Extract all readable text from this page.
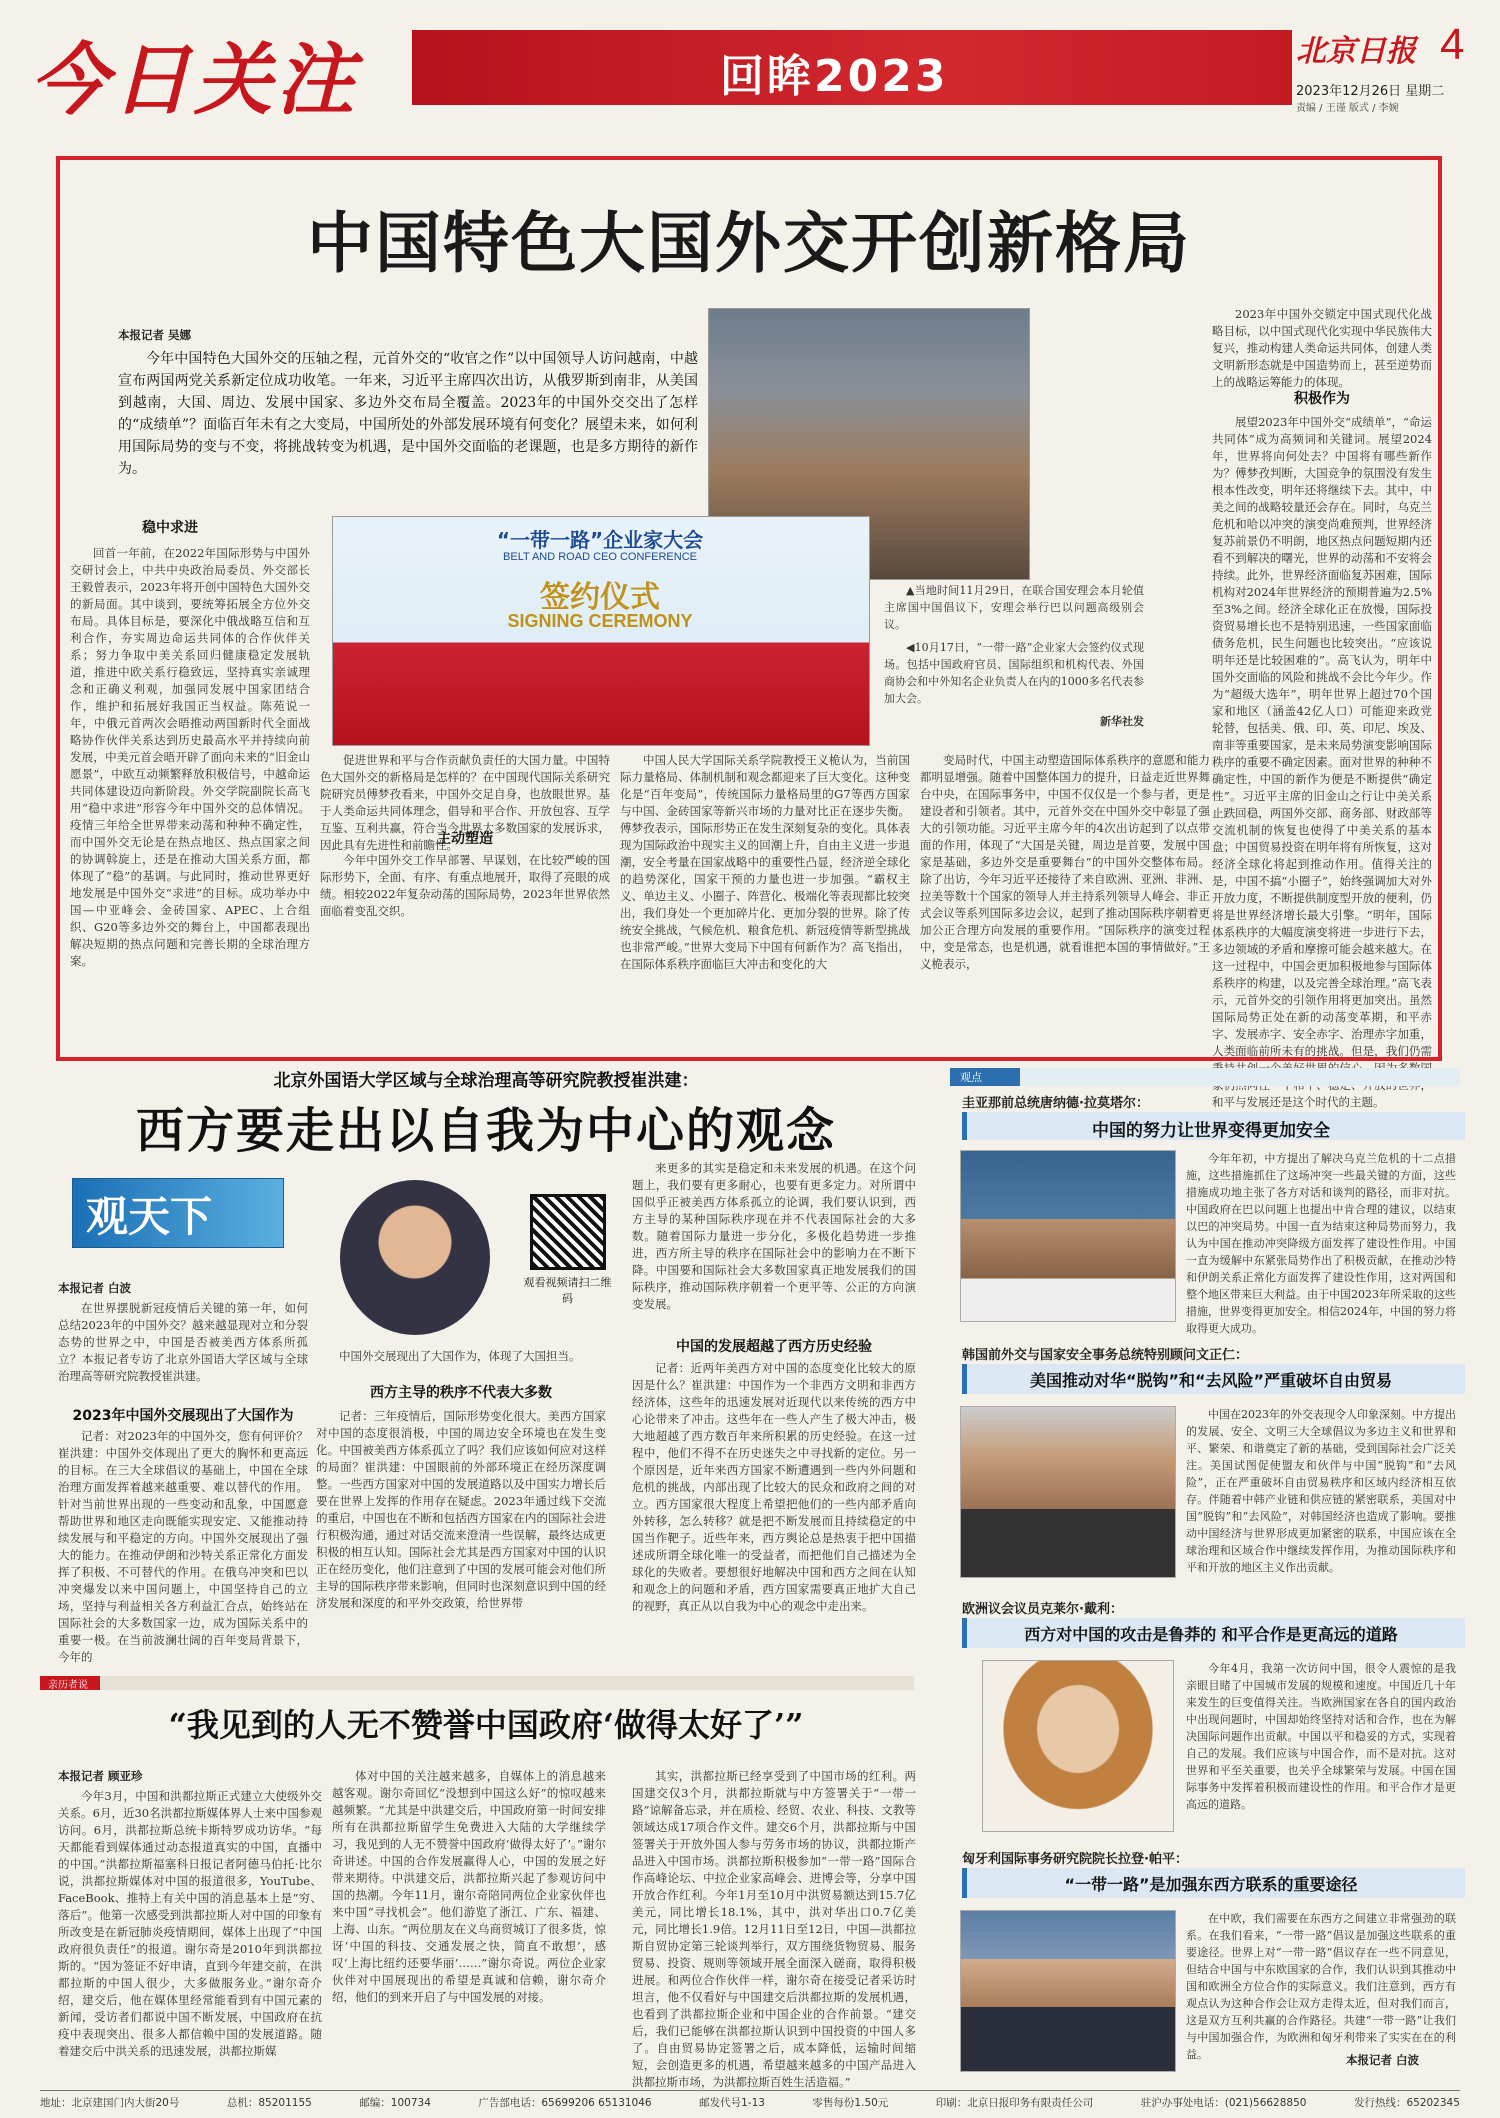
今日关注	回眸2023	北京日报 4
2023年12月26日 星期二
责编 / 王谨 版式 / 李婉
中国特色大国外交开创新格局
本报记者 吴娜

今年中国特色大国外交的压轴之程，元首外交的“收官之作”以中国领导人访问越南，中越宣布两国两党关系新定位成功收笔。一年来，习近平主席四次出访，从俄罗斯到南非，从美国到越南，大国、周边、发展中国家、多边外交布局全覆盖。2023年的中国外交交出了怎样的“成绩单”？面临百年未有之大变局，中国所处的外部发展环境有何变化？展望未来，如何利用国际局势的变与不变，将挑战转变为机遇，是中国外交面临的老课题，也是多方期待的新作为。

稳中求进

回首一年前，在2022年国际形势与中国外交研讨会上，中共中央政治局委员、外交部长王毅曾表示，2023年将开创中国特色大国外交的新局面。其中谈到，要统筹拓展全方位外交布局。具体目标是，要深化中俄战略互信和互利合作，夯实周边命运共同体的合作伙伴关系；努力争取中美关系回归健康稳定发展轨道，推进中欧关系行稳致远，坚持真实亲诚理念和正确义利观，加强同发展中国家团结合作，维护和拓展好我国正当权益。陈苑说一年，中俄元首两次会晤推动两国新时代全面战略协作伙伴关系达到历史最高水平并持续向前发展，中美元首会晤开辟了面向未来的“旧金山愿景”，中欧互动频繁释放积极信号，中越命运共同体建设迈向新阶段。外交学院副院长高飞用“稳中求进”形容今年中国外交的总体情况。疫情三年给全世界带来动荡和种种不确定性，而中国外交无论是在热点地区、热点国家之间的协调斡旋上，还是在推动大国关系方面，都体现了“稳”的基调。与此同时，推动世界更好地发展是中国外交“求进”的目标。成功举办中国—中亚峰会、金砖国家、APEC、上合组织、G20等多边外交的舞台上，中国都表现出解决短期的热点问题和完善长期的全球治理方案。

“一带一路”企业家大会
BELT AND ROAD CEO CONFERENCE
签约仪式
SIGNING CEREMONY

▲当地时间11月29日，在联合国安理会本月轮值主席国中国倡议下，安理会举行巴以问题高级别会议。

◀10月17日，“一带一路”企业家大会签约仪式现场。包括中国政府官员、国际组织和机构代表、外国商协会和中外知名企业负责人在内的1000多名代表参加大会。

新华社发

促进世界和平与合作贡献负责任的大国力量。中国特色大国外交的新格局是怎样的？在中国现代国际关系研究院研究员傅梦孜看来，中国外交足自身，也放眼世界。基于人类命运共同体理念，倡导和平合作、开放包容、互学互鉴、互利共赢，符合当今世界大多数国家的发展诉求，因此具有先进性和前瞻性。

主动塑造

今年中国外交工作早部署、早谋划，在比较严峻的国际形势下，全面、有序、有重点地展开，取得了亮眼的成绩。相较2022年复杂动荡的国际局势，2023年世界依然面临着变乱交织。

中国人民大学国际关系学院教授王义桅认为，当前国际力量格局、体制机制和观念都迎来了巨大变化。这种变化是“百年变局”，传统国际力量格局里的G7等西方国家与中国、金砖国家等新兴市场的力量对比正在逐步失衡。傅梦孜表示，国际形势正在发生深刻复杂的变化。具体表现为国际政治中现实主义的回潮上升，自由主义进一步退潮，安全考量在国家战略中的重要性凸显，经济逆全球化的趋势深化，国家干预的力量也进一步加强。“霸权主义、单边主义、小圈子、阵营化、极端化等表现都比较突出，我们身处一个更加碎片化、更加分裂的世界。除了传统安全挑战，气候危机、粮食危机、新冠疫情等新型挑战也非常严峻。”世界大变局下中国有何新作为？高飞指出，在国际体系秩序面临巨大冲击和变化的大

变局时代，中国主动塑造国际体系秩序的意愿和能力都明显增强。随着中国整体国力的提升，日益走近世界舞台中央，在国际事务中，中国不仅仅是一个参与者，更是建设者和引领者。其中，元首外交在中国外交中彰显了强大的引领功能。习近平主席今年的4次出访起到了以点带面的作用，体现了“大国是关键，周边是首要，发展中国家是基础，多边外交是重要舞台”的中国外交整体布局。除了出访，今年习近平还接待了来自欧洲、亚洲、非洲、拉美等数十个国家的领导人并主持系列领导人峰会、非正式会议等系列国际多边会议，起到了推动国际秩序朝着更加公正合理方向发展的重要作用。“国际秩序的演变过程中，变是常态，也是机遇，就看谁把本国的事情做好。”王义桅表示，

2023年中国外交锁定中国式现代化战略目标，以中国式现代化实现中华民族伟大复兴，推动构建人类命运共同体，创建人类文明新形态就是中国造势而上，甚至逆势而上的战略运筹能力的体现。

积极作为

展望2023年中国外交“成绩单”，“命运共同体”成为高频词和关键词。展望2024年，世界将向何处去？中国将有哪些新作为？傅梦孜判断，大国竞争的氛围没有发生根本性改变，明年还将继续下去。其中，中美之间的战略较量还会存在。同时，乌克兰危机和哈以冲突的演变尚难预判，世界经济复苏前景仍不明朗，地区热点问题短期内还看不到解决的曙光，世界的动荡和不安将会持续。此外，世界经济面临复苏困难，国际机构对2024年世界经济的预期普遍为2.5%至3%之间。经济全球化正在放慢，国际投资贸易增长也不是特别迅速，一些国家面临债务危机，民生问题也比较突出。“应该说明年还是比较困难的”。高飞认为，明年中国外交面临的风险和挑战不会比今年少。作为“超级大选年”，明年世界上超过70个国家和地区（涵盖42亿人口）可能迎来政党轮替，包括美、俄、印、英、印尼、埃及、南非等重要国家，是未来局势演变影响国际秩序的重要不确定因素。面对世界的种种不确定性，中国的新作为便是不断提供“确定性”。习近平主席的旧金山之行让中美关系止跌回稳，两国外交部、商务部、财政部等交流机制的恢复也使得了中美关系的基本盘；中国贸易投资在明年将有所恢复，这对经济全球化将起到推动作用。值得关注的是，中国不搞“小圈子”，始终强调加大对外开放力度，不断提供制度型开放的便利，仍将是世界经济增长最大引擎。“明年，国际体系秩序的大幅度演变将进一步进行下去，多边领域的矛盾和摩擦可能会越来越大。在这一过程中，中国会更加积极地参与国际体系秩序的构建，以及完善全球治理。”高飞表示，元首外交的引领作用将更加突出。虽然国际局势正处在新的动荡变革期，和平赤字、发展赤字、安全赤字、治理赤字加重，人类面临前所未有的挑战。但是，我们仍需 和平与发展还是这个时代的主题。

北京外国语大学区域与全球治理高等研究院教授崔洪建：
西方要走出以自我为中心的观念
观天下
观看视频请扫二维码
本报记者 白波

在世界摆脱新冠疫情后关键的第一年，如何总结2023年的中国外交？越来越显现对立和分裂态势的世界之中，中国是否被美西方体系所孤立？本报记者专访了北京外国语大学区域与全球治理高等研究院教授崔洪建。

2023年中国外交展现出了大国作为

记者：对2023年的中国外交，您有何评价？崔洪建：中国外交体现出了更大的胸怀和更高远的目标。在三大全球倡议的基础上，中国在全球治理方面发挥着越来越重要、难以替代的作用。针对当前世界出现的一些变动和乱象，中国愿意帮助世界和地区走向既能实现安定、又能推动持续发展与和平稳定的方向。中国外交展现出了强大的能力。在推动伊朗和沙特关系正常化方面发挥了积极、不可替代的作用。在俄乌冲突和巴以冲突爆发以来中国问题上，中国坚持自己的立场，坚持与利益相关各方利益汇合点，始终站在国际社会的大多数国家一边，成为国际关系中的重要一极。在当前波澜壮阔的百年变局背景下，今年的

中国外交展现出了大国作为，体现了大国担当。

西方主导的秩序不代表大多数

记者：三年疫情后，国际形势变化很大。美西方国家对中国的态度很消极，中国的周边安全环境也在发生变化。中国被美西方体系孤立了吗？我们应该如何应对这样的局面？崔洪建：中国眼前的外部环境正在经历深度调整。一些西方国家对中国的发展道路以及中国实力增长后要在世界上发挥的作用存在疑虑。2023年通过线下交流的重启，中国也在不断和包括西方国家在内的国际社会进行积极沟通，通过对话交流来澄清一些误解，最终达成更积极的相互认知。国际社会尤其是西方国家对中国的认识正在经历变化，他们注意到了中国的发展可能会对他们所主导的国际秩序带来影响，但同时也深刻意识到中国的经济发展和深度的和平外交政策，给世界带

来更多的其实是稳定和未来发展的机遇。在这个问题上，我们要有更多耐心，也要有更多定力。对所谓中国似乎正被美西方体系孤立的论调，我们要认识到，西方主导的某种国际秩序现在并不代表国际社会的大多数。随着国际力量进一步分化，多极化趋势进一步推进，西方所主导的秩序在国际社会中的影响力在不断下降。中国要和国际社会大多数国家真正地发展我们的国际秩序，推动国际秩序朝着一个更平等、公正的方向演变发展。

中国的发展超越了西方历史经验

记者：近两年美西方对中国的态度变化比较大的原因是什么？崔洪建：中国作为一个非西方文明和非西方经济体，这些年的迅速发展对近现代以来传统的西方中心论带来了冲击。这些年在一些人产生了极大冲击，极大地超越了西方数百年来所积累的历史经验。在这一过程中，他们不得不在历史迷失之中寻找新的定位。另一个原因是，近年来西方国家不断遭遇到一些内外问题和危机的挑战，内部出现了比较大的民众和政府之间的对立。西方国家很大程度上希望把他们的一些内部矛盾向外转移，怎么转移？就是把不断发展而且持续稳定的中国当作靶子。近些年来，西方舆论总是热衷于把中国描述成所谓全球化唯一的受益者，而把他们自己描述为全球化的失败者。要想很好地解决中国和西方之间在认知和观念上的问题和矛盾，西方国家需要真正地扩大自己的视野，真正从以自我为中心的观念中走出来。

亲历者说
“我见到的人无不赞誉中国政府‘做得太好了’”
本报记者 顾亚珍

今年3月，中国和洪都拉斯正式建立大使级外交关系。6月，近30名洪都拉斯媒体界人士来中国参观访问。6月，洪都拉斯总统卡斯特罗成功访华。“每天都能看到媒体通过动态报道真实的中国，直播中的中国。”洪都拉斯福塞科日报记者阿德马伯托·比尔说，洪都拉斯媒体对中国的报道很多，YouTube、FaceBook、推特上有关中国的消息基本上是“穷、落后”。他第一次感受到洪都拉斯人对中国的印象有所改变是在新冠肺炎疫情期间，媒体上出现了“中国政府很负责任”的报道。谢尔奇是2010年到洪都拉斯的。“因为签证不好申请，直到今年建交前，在洪都拉斯的中国人很少，大多做服务业。”谢尔奇介绍，建交后，他在媒体里经常能看到有中国元素的新闻，受访者们都说中国不断发展，中国政府在抗疫中表现突出、很多人都信赖中国的发展道路。随着建交后中洪关系的迅速发展，洪都拉斯媒

体对中国的关注越来越多，自媒体上的消息越来越客观。谢尔奇回忆“没想到中国这么好”的惊叹越来越频繁。“尤其是中洪建交后，中国政府第一时间安排所有在洪都拉斯留学生免费进入大陆的大学继续学习，我见到的人无不赞誉中国政府‘做得太好了’。”谢尔奇讲述。中国的合作发展赢得人心，中国的发展之好带来期待。中洪建交后，洪都拉斯兴起了参观访问中国的热潮。今年11月，谢尔奇陪同两位企业家伙伴也来中国“寻找机会”。他们游览了浙江、广东、福建、上海、山东。“两位朋友在义乌商贸城订了很多货，惊讶‘中国的科技、交通发展之快，简直不敢想’，感叹‘上海比纽约还要华丽’……”谢尔奇说。两位企业家伙伴对中国展现出的希望是真诚和信赖，谢尔奇介绍，他们的到来开启了与中国发展的对接。

其实，洪都拉斯已经享受到了中国市场的红利。两国建交仅3个月，洪都拉斯就与中方签署关于“一带一路”谅解备忘录，并在质检、经贸、农业、科技、文教等领域达成17项合作文件。建交6个月，洪都拉斯与中国签署关于开放外国人参与劳务市场的协议，洪都拉斯产品进入中国市场。洪都拉斯积极参加“一带一路”国际合作高峰论坛、中拉企业家高峰会、进博会等，分享中国开放合作红利。今年1月至10月中洪贸易额达到15.7亿美元，同比增长18.1%，其中，洪对华出口0.7亿美元，同比增长1.9倍。12月11日至12日，中国—洪都拉斯自贸协定第三轮谈判举行，双方围绕货物贸易、服务贸易、投资、规则等领域开展全面深入磋商，取得积极进展。和两位合作伙伴一样，谢尔奇在接受记者采访时坦言，他不仅看好与中国建交后洪都拉斯的发展机遇，也看到了洪都拉斯企业和中国企业的合作前景。“建交后，我们已能够在洪都拉斯认识到中国投资的中国人多了。自由贸易协定签署之后，成本降低，运输时间缩短，会创造更多的机遇，希望越来越多的中国产品进入洪都拉斯市场，为洪都拉斯百姓生活造福。”

观点
圭亚那前总统唐纳德·拉莫塔尔：
中国的努力让世界变得更加安全

今年年初，中方提出了解决乌克兰危机的十二点措施，这些措施抓住了这场冲突一些最关键的方面，这些措施成功地主张了各方对话和谈判的路径，而非对抗。中国政府在巴以问题上也提出中肯合理的建议，以结束以巴的冲突局势。中国一直为结束这种局势而努力，我认为中国在推动冲突降级方面发挥了建设性作用。中国一直为缓解中东紧张局势作出了积极贡献，在推动沙特和伊朗关系正常化方面发挥了建设性作用，这对两国和整个地区带来巨大利益。由于中国2023年所采取的这些措施，世界变得更加安全。相信2024年，中国的努力将取得更大成功。

韩国前外交与国家安全事务总统特别顾问文正仁：
美国推动对华“脱钩”和“去风险”严重破坏自由贸易

中国在2023年的外交表现令人印象深刻。中方提出的发展、安全、文明三大全球倡议为多边主义和世界和平、繁荣、和谐奠定了新的基础，受到国际社会广泛关注。美国试图促使盟友和伙伴与中国“脱钩”和“去风险”，正在严重破坏自由贸易秩序和区域内经济相互依存。伴随着中韩产业链和供应链的紧密联系，美国对中国“脱钩”和“去风险”，对韩国经济也造成了影响。要推动中国经济与世界形成更加紧密的联系，中国应该在全球治理和区域合作中继续发挥作用，为推动国际秩序和平和开放的地区主义作出贡献。

欧洲议会议员克莱尔·戴利：
西方对中国的攻击是鲁莽的 和平合作是更高远的道路

今年4月，我第一次访问中国，很令人震惊的是我亲眼目睹了中国城市发展的规模和速度。中国近几十年来发生的巨变值得关注。当欧洲国家在各自的国内政治中出现问题时，中国却始终坚持对话和合作，也在为解决国际问题作出贡献。中国以平和稳妥的方式，实现着自己的发展。我们应该与中国合作，而不是对抗。这对世界和平至关重要，也关乎全球繁荣与发展。中国在国际事务中发挥着积极而建设性的作用。和平合作才是更高远的道路。

匈牙利国际事务研究院院长拉登·帕平：
“一带一路”是加强东西方联系的重要途径

在中欧，我们需要在东西方之间建立非常强劲的联系。在我们看来，“一带一路”倡议是加强这些联系的重要途径。世界上对“一带一路”倡议存在一些不同意见，但结合中国与中东欧国家的合作，我们认识到其推动中国和欧洲全方位合作的实际意义。我们注意到，西方有观点认为这种合作会让双方走得太近，但对我们而言，这是双方互利共赢的合作路径。共建“一带一路”让我们与中国加强合作，为欧洲和匈牙利带来了实实在在的利益。	本报记者 白波
地址：北京建国门内大街20号	总机：85201155	邮编：100734	广告部电话：65699206 65131046	邮发代号1-13	零售每份1.50元	印刷：北京日报印务有限责任公司	驻沪办事处电话：(021)56628850	发行热线：65202345
